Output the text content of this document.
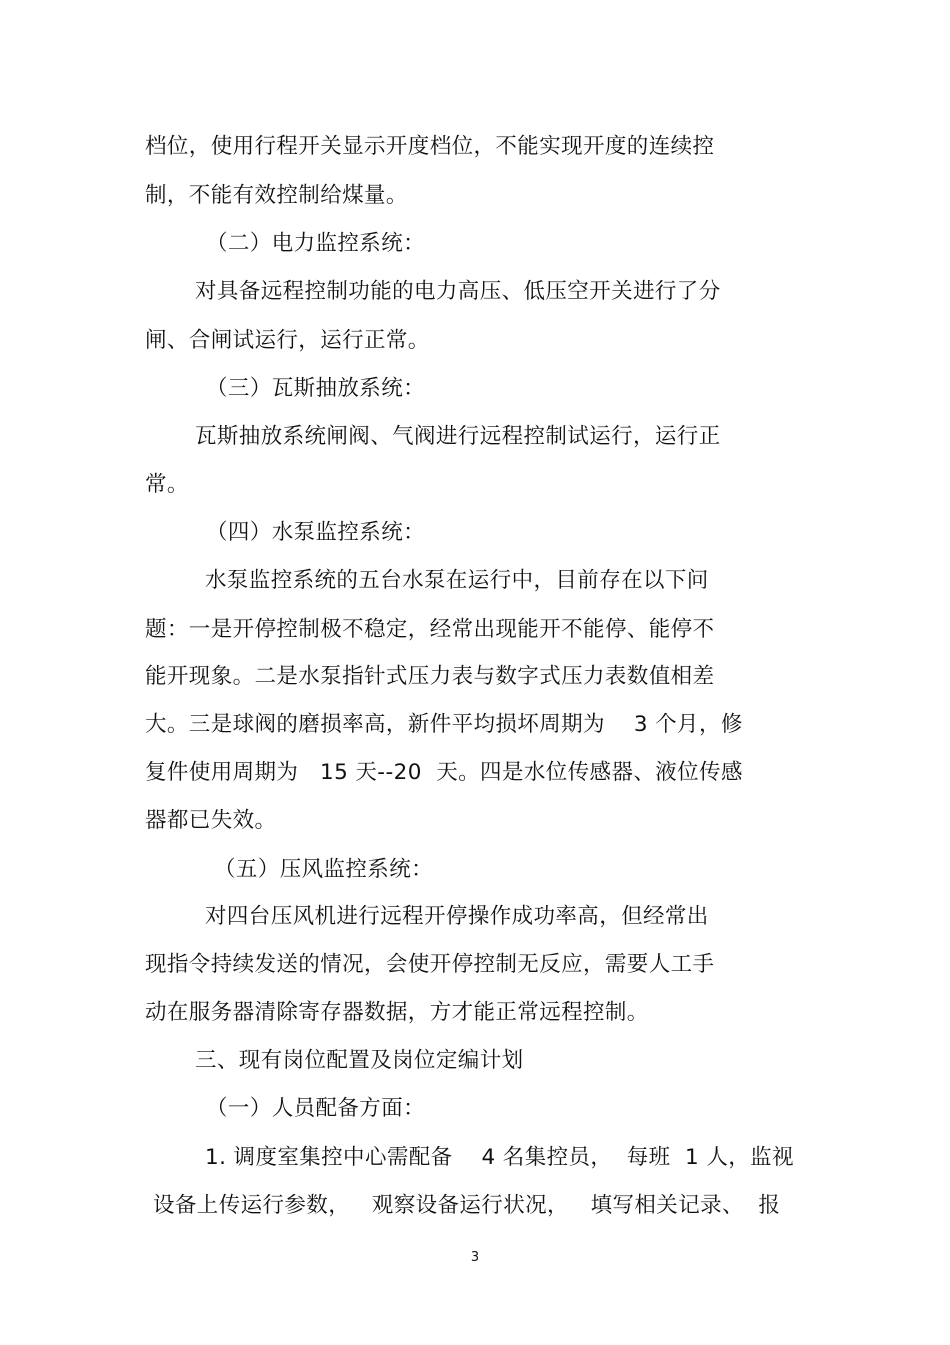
档位，使用行程开关显示开度档位，不能实现开度的连续控
制，不能有效控制给煤量。
（二）电力监控系统：
对具备远程控制功能的电力高压、低压空开关进行了分
闸、合闸试运行，运行正常。
（三）瓦斯抽放系统：
瓦斯抽放系统闸阀、气阀进行远程控制试运行，运行正
常。
（四）水泵监控系统：
水泵监控系统的五台水泵在运行中，目前存在以下问
题：一是开停控制极不稳定，经常出现能开不能停、能停不
能开现象。二是水泵指针式压力表与数字式压力表数值相差
大。三是球阀的磨损率高，新件平均损坏周期为    3 个月，修
复件使用周期为   15 天--20  天。四是水位传感器、液位传感
器都已失效。
（五）压风监控系统：
对四台压风机进行远程开停操作成功率高，但经常出
现指令持续发送的情况，会使开停控制无反应，需要人工手
动在服务器清除寄存器数据，方才能正常远程控制。
三、现有岗位配置及岗位定编计划
（一）人员配备方面：
1. 调度室集控中心需配备    4 名集控员，  每班  1 人，监视
设备上传运行参数，   观察设备运行状况，   填写相关记录、  报
3
